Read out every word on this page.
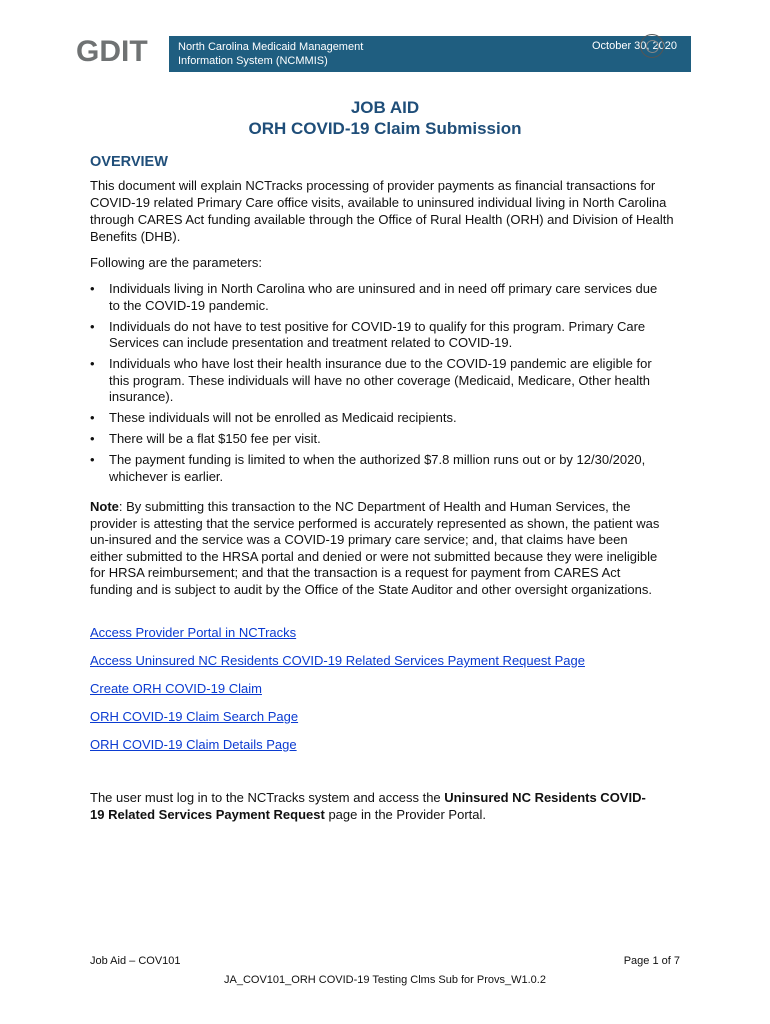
GDIT	North Carolina Medicaid Management
Information System (NCMMIS)
October 30, 2020
JOB AID
ORH COVID-19 Claim Submission
OVERVIEW
This document will explain NCTracks processing of provider payments as financial transactions for COVID-19 related Primary Care office visits, available to uninsured individual living in North Carolina through CARES Act funding available through the Office of Rural Health (ORH) and Division of Health Benefits (DHB).
Following are the parameters:
• Individuals living in North Carolina who are uninsured and in need off primary care services due to the COVID-19 pandemic.
• Individuals do not have to test positive for COVID-19 to qualify for this program. Primary Care Services can include presentation and treatment related to COVID-19.
• Individuals who have lost their health insurance due to the COVID-19 pandemic are eligible for this program. These individuals will have no other coverage (Medicaid, Medicare, Other health insurance).
• These individuals will not be enrolled as Medicaid recipients.
• There will be a flat $150 fee per visit.
• The payment funding is limited to when the authorized $7.8 million runs out or by 12/30/2020, whichever is earlier.
Note: By submitting this transaction to the NC Department of Health and Human Services, the provider is attesting that the service performed is accurately represented as shown, the patient was un-insured and the service was a COVID-19 primary care service; and, that claims have been either submitted to the HRSA portal and denied or were not submitted because they were ineligible for HRSA reimbursement; and that the transaction is a request for payment from CARES Act funding and is subject to audit by the Office of the State Auditor and other oversight organizations.
Access Provider Portal in NCTracks
Access Uninsured NC Residents COVID-19 Related Services Payment Request Page
Create ORH COVID-19 Claim
ORH COVID-19 Claim Search Page
ORH COVID-19 Claim Details Page
The user must log in to the NCTracks system and access the Uninsured NC Residents COVID-19 Related Services Payment Request page in the Provider Portal.
Job Aid – COV101	Page 1 of 7
JA_COV101_ORH COVID-19 Testing Clms Sub for Provs_W1.0.2
